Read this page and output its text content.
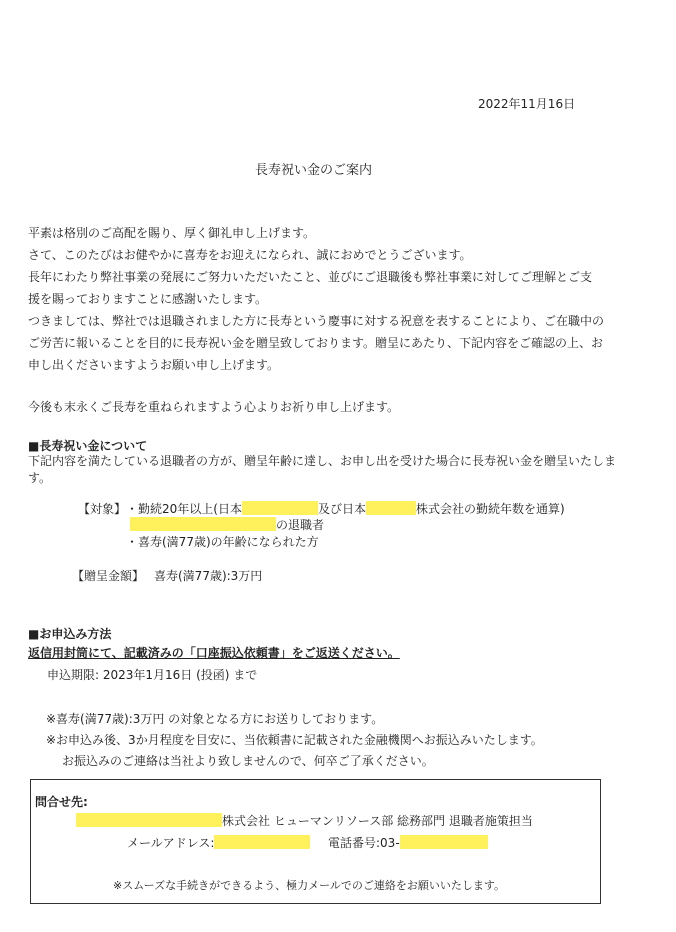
2022年11月16日
長寿祝い金のご案内
平素は格別のご高配を賜り、厚く御礼申し上げます。
さて、このたびはお健やかに喜寿をお迎えになられ、誠におめでとうございます。
長年にわたり弊社事業の発展にご努力いただいたこと、並びにご退職後も弊社事業に対してご理解とご支
援を賜っておりますことに感謝いたします。
つきましては、弊社では退職されました方に長寿という慶事に対する祝意を表することにより、ご在職中の
ご労苦に報いることを目的に長寿祝い金を贈呈致しております。贈呈にあたり、下記内容をご確認の上、お
申し出くださいますようお願い申し上げます。
今後も末永くご長寿を重ねられますよう心よりお祈り申し上げます。
■長寿祝い金について
下記内容を満たしている退職者の方が、贈呈年齢に達し、お申し出を受けた場合に長寿祝い金を贈呈いたします。
【対象】 ・勤続20年以上(日本	及び日本	株式会社の勤続年数を通算)
の退職者
・喜寿(満77歳)の年齢になられた方
【贈呈金額】 喜寿(満77歳):3万円
■お申込み方法
返信用封筒にて、記載済みの「口座振込依頼書」をご返送ください。
申込期限: 2023年1月16日 (投函) まで
※喜寿(満77歳):3万円 の対象となる方にお送りしております。
※お申込み後、3か月程度を目安に、当依頼書に記載された金融機関へお振込みいたします。
お振込みのご連絡は当社より致しませんので、何卒ご了承ください。
問合せ先:
株式会社 ヒューマンリソース部 総務部門 退職者施策担当
メールアドレス:	電話番号:03-
※スムーズな手続きができるよう、極力メールでのご連絡をお願いいたします。
